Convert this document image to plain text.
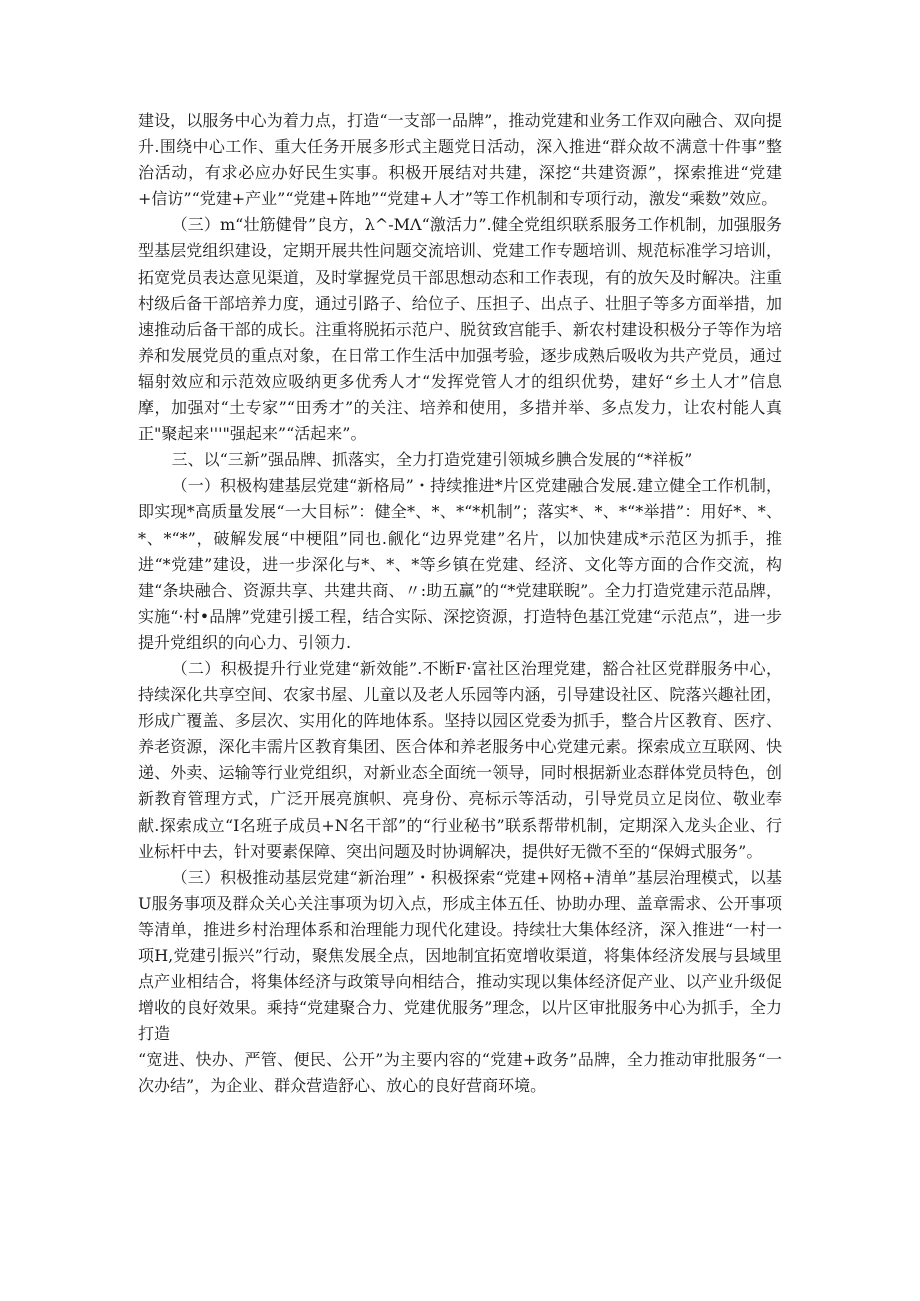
建设，以服务中心为着力点，打造“一支部一品牌”，推动党建和业务工作双向融合、双向提升.围绕中心工作、重大任务开展多形式主题党日活动，深入推进“群众故不满意十件事”整治活动，有求必应办好民生实事。积极开展结对共建，深挖“共建资源”，探索推进“党建+信访”“党建+产业”“党建+阵地”“党建+人才”等工作机制和专项行动，激发“乘数”效应。

（三）m“壮筋健骨”良方，λ^-MΛ“激活力”.健全党组织联系服务工作机制，加强服务型基层党组织建设，定期开展共性问题交流培训、党建工作专题培训、规范标准学习培训，拓宽党员表达意见渠道，及时掌握党员干部思想动态和工作表现，有的放矢及时解决。注重村级后备干部培养力度，通过引路子、给位子、压担子、出点子、壮胆子等多方面举措，加速推动后备干部的成长。注重将脱拓示范户、脱贫致宫能手、新农村建设积极分子等作为培养和发展党员的重点对象，在日常工作生活中加强考验，逐步成熟后吸收为共产党员，通过辐射效应和示范效应吸纳更多优秀人才“发挥党管人才的组织优势，建好“乡土人才”信息摩，加强对“土专家”“田秀才”的关注、培养和使用，多措并举、多点发力，让农村能人真正"聚起来'''"强起来”“活起来”。

三、以“三新”强品牌、抓落实，全力打造党建引领城乡腆合发展的“*祥板”

（一）积极构建基层党建“新格局”・持续推进*片区党建融合发展.建立健全工作机制，即实现*高质量发展“一大目标”：健全*、*、*“*机制”；落实*、*、*“*举措”：用好*、*、*、*“*”，破解发展“中梗阻”同也.觎化“边界党建”名片，以加快建成*示范区为抓手，推进“*党建”建设，进一步深化与*、*、*等乡镇在党建、经济、文化等方面的合作交流，构建“条块融合、资源共享、共建共商、〃:助五赢”的“*党建联睨”。全力打造党建示范品牌，实施“·村•品牌”党建引援工程，结合实际、深挖资源，打造特色基江党建“示范点”，进一步提升党组织的向心力、引领力.

（二）积极提升行业党建“新效能”.不断F·富社区治理党建，豁合社区党群服务中心，持续深化共享空间、农家书屋、儿童以及老人乐园等内涵，引导建设社区、院落兴趣社团，形成广覆盖、多层次、实用化的阵地体系。坚持以园区党委为抓手，整合片区教育、医疗、养老资源，深化丰需片区教育集团、医合体和养老服务中心党建元素。探索成立互联网、快递、外卖、运输等行业党组织，对新业态全面统一领导，同时根据新业态群体党员特色，创新教育管理方式，广泛开展亮旗帜、亮身份、亮标示等活动，引导党员立足岗位、敬业奉献.探索成立“I名班子成员+N名干部”的“行业秘书”联系帮带机制，定期深入龙头企业、行业标杆中去，针对要素保障、突出问题及时协调解决，提供好无微不至的“保姆式服务”。

（三）积极推动基层党建“新治理”・积极探索“党建+网格+清单”基层治理模式，以基U服务事项及群众关心关注事项为切入点，形成主体五任、协助办理、盖章需求、公开事项等清单，推进乡村治理体系和治理能力现代化建设。持续壮大集体经济，深入推进“一村一项H,党建引振兴”行动，聚焦发展全点，因地制宜拓宽增收渠道，将集体经济发展与县域里点产业相结合，将集体经济与政策导向相结合，推动实现以集体经济促产业、以产业升级促增收的良好效果。乘持“党建聚合力、党建优服务”理念，以片区审批服务中心为抓手，全力打造

“宽进、快办、严管、便民、公开”为主要内容的“党建+政务”品牌，全力推动审批服务“一次办结”，为企业、群众营造舒心、放心的良好营商环境。
